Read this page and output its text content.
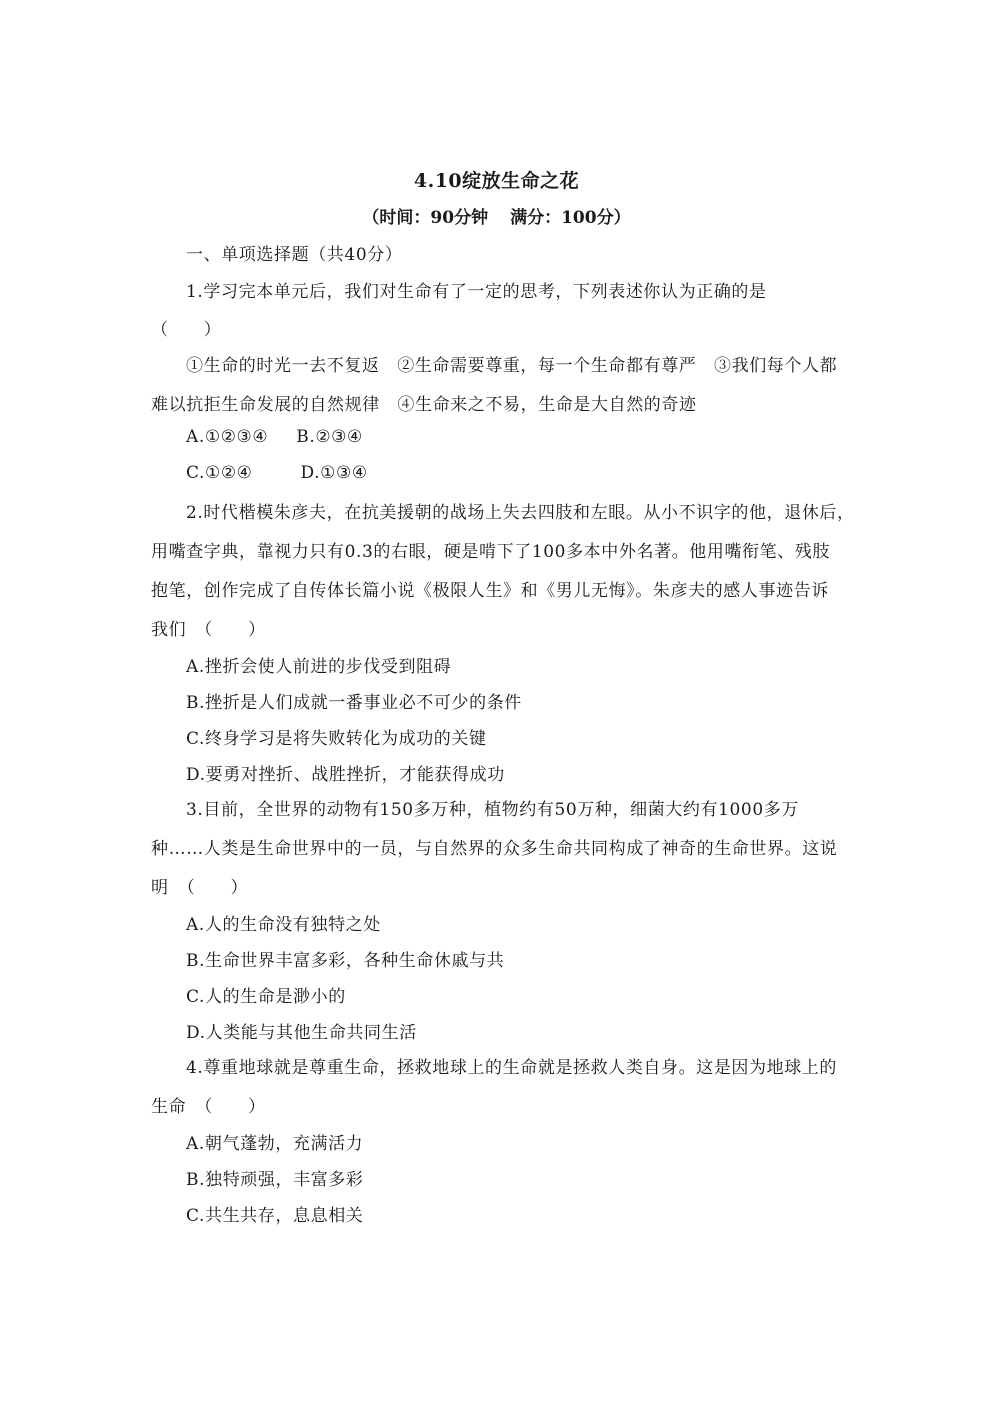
4.10绽放生命之花
（时间：90分钟 满分：100分）
一、单项选择题（共40分）
1.学习完本单元后，我们对生命有了一定的思考，下列表述你认为正确的是
（　　）
①生命的时光一去不复返　②生命需要尊重，每一个生命都有尊严　③我们每个人都
难以抗拒生命发展的自然规律　④生命来之不易，生命是大自然的奇迹
A.①②③④ B.②③④
C.①②④	D.①③④
2.时代楷模朱彦夫，在抗美援朝的战场上失去四肢和左眼。从小不识字的他，退休后，
用嘴查字典，靠视力只有0.3的右眼，硬是啃下了100多本中外名著。他用嘴衔笔、残肢
抱笔，创作完成了自传体长篇小说《极限人生》和《男儿无悔》。朱彦夫的感人事迹告诉
我们　（　　）
A.挫折会使人前进的步伐受到阻碍
B.挫折是人们成就一番事业必不可少的条件
C.终身学习是将失败转化为成功的关键
D.要勇对挫折、战胜挫折，才能获得成功
3.目前，全世界的动物有150多万种，植物约有50万种，细菌大约有1000多万
种……人类是生命世界中的一员，与自然界的众多生命共同构成了神奇的生命世界。这说
明　（　　）
A.人的生命没有独特之处
B.生命世界丰富多彩，各种生命休戚与共
C.人的生命是渺小的
D.人类能与其他生命共同生活
4.尊重地球就是尊重生命，拯救地球上的生命就是拯救人类自身。这是因为地球上的
生命　（　　）
A.朝气蓬勃，充满活力
B.独特顽强，丰富多彩
C.共生共存，息息相关
